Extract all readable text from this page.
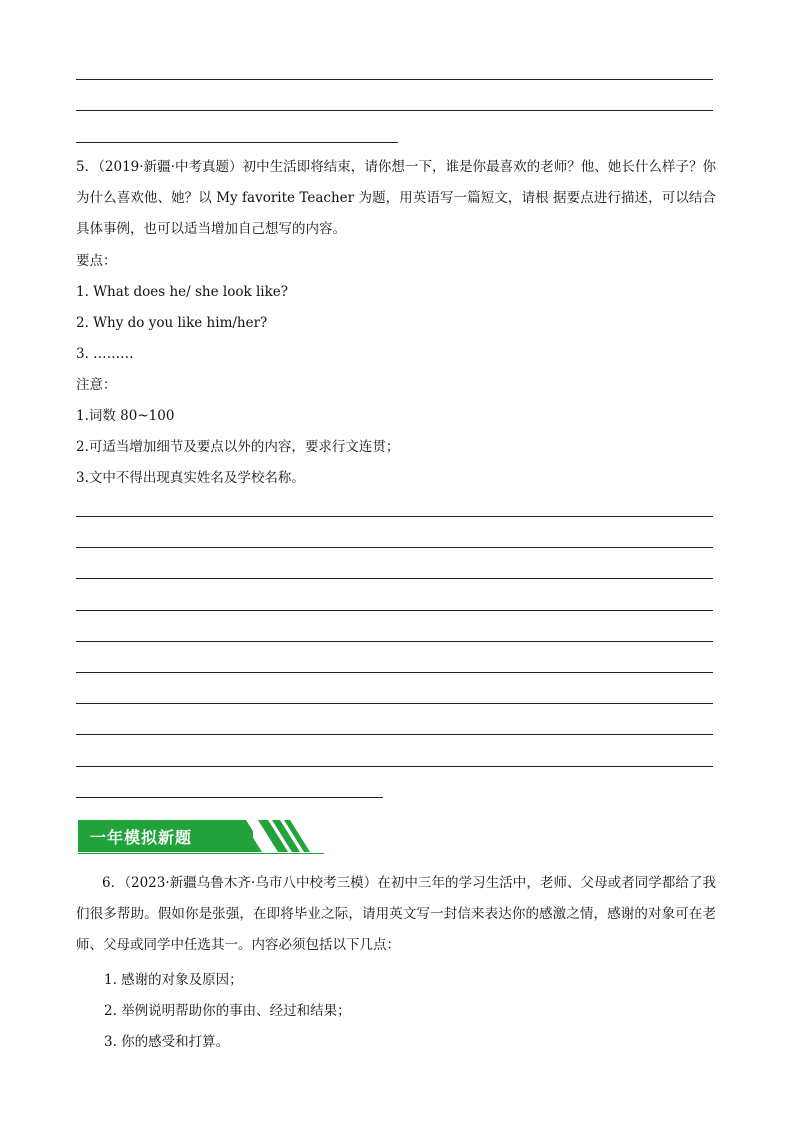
5．（2019·新疆·中考真题）初中生活即将结束，请你想一下，谁是你最喜欢的老师？他、她长什么样子？你 为什么喜欢他、她？以 My favorite Teacher 为题，用英语写一篇短文，请根 据要点进行描述，可以结合具体事例，也可以适当增加自己想写的内容。
要点：
1. What does he/ she look like?
2. Why do you like him/her?
3. ………
注意：
1.词数 80~100
2.可适当增加细节及要点以外的内容，要求行文连贯；
3.文中不得出现真实姓名及学校名称。
一年模拟新题
6．（2023·新疆乌鲁木齐·乌市八中校考三模）在初中三年的学习生活中，老师、父母或者同学都给了我们很多帮助。假如你是张强，在即将毕业之际，请用英文写一封信来表达你的感激之情，感谢的对象可在老师、父母或同学中任选其一。内容必须包括以下几点：
1. 感谢的对象及原因；
2. 举例说明帮助你的事由、经过和结果；
3. 你的感受和打算。
